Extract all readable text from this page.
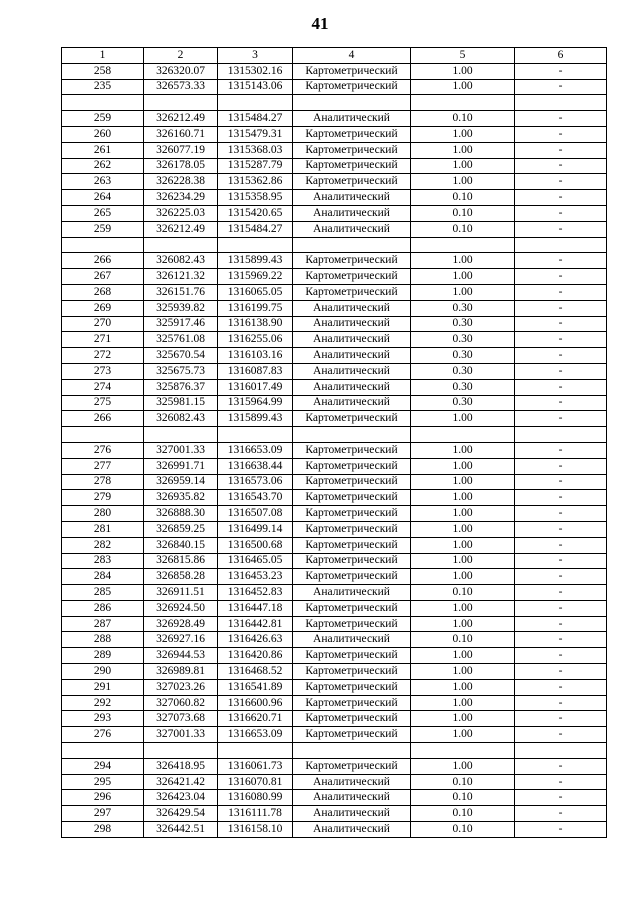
41
1	2	3	4	5	6
258	326320.07	1315302.16	Картометрический	1.00	-
235	326573.33	1315143.06	Картометрический	1.00	-

259	326212.49	1315484.27	Аналитический	0.10	-
260	326160.71	1315479.31	Картометрический	1.00	-
261	326077.19	1315368.03	Картометрический	1.00	-
262	326178.05	1315287.79	Картометрический	1.00	-
263	326228.38	1315362.86	Картометрический	1.00	-
264	326234.29	1315358.95	Аналитический	0.10	-
265	326225.03	1315420.65	Аналитический	0.10	-
259	326212.49	1315484.27	Аналитический	0.10	-

266	326082.43	1315899.43	Картометрический	1.00	-
267	326121.32	1315969.22	Картометрический	1.00	-
268	326151.76	1316065.05	Картометрический	1.00	-
269	325939.82	1316199.75	Аналитический	0.30	-
270	325917.46	1316138.90	Аналитический	0.30	-
271	325761.08	1316255.06	Аналитический	0.30	-
272	325670.54	1316103.16	Аналитический	0.30	-
273	325675.73	1316087.83	Аналитический	0.30	-
274	325876.37	1316017.49	Аналитический	0.30	-
275	325981.15	1315964.99	Аналитический	0.30	-
266	326082.43	1315899.43	Картометрический	1.00	-

276	327001.33	1316653.09	Картометрический	1.00	-
277	326991.71	1316638.44	Картометрический	1.00	-
278	326959.14	1316573.06	Картометрический	1.00	-
279	326935.82	1316543.70	Картометрический	1.00	-
280	326888.30	1316507.08	Картометрический	1.00	-
281	326859.25	1316499.14	Картометрический	1.00	-
282	326840.15	1316500.68	Картометрический	1.00	-
283	326815.86	1316465.05	Картометрический	1.00	-
284	326858.28	1316453.23	Картометрический	1.00	-
285	326911.51	1316452.83	Аналитический	0.10	-
286	326924.50	1316447.18	Картометрический	1.00	-
287	326928.49	1316442.81	Картометрический	1.00	-
288	326927.16	1316426.63	Аналитический	0.10	-
289	326944.53	1316420.86	Картометрический	1.00	-
290	326989.81	1316468.52	Картометрический	1.00	-
291	327023.26	1316541.89	Картометрический	1.00	-
292	327060.82	1316600.96	Картометрический	1.00	-
293	327073.68	1316620.71	Картометрический	1.00	-
276	327001.33	1316653.09	Картометрический	1.00	-

294	326418.95	1316061.73	Картометрический	1.00	-
295	326421.42	1316070.81	Аналитический	0.10	-
296	326423.04	1316080.99	Аналитический	0.10	-
297	326429.54	1316111.78	Аналитический	0.10	-
298	326442.51	1316158.10	Аналитический	0.10	-
